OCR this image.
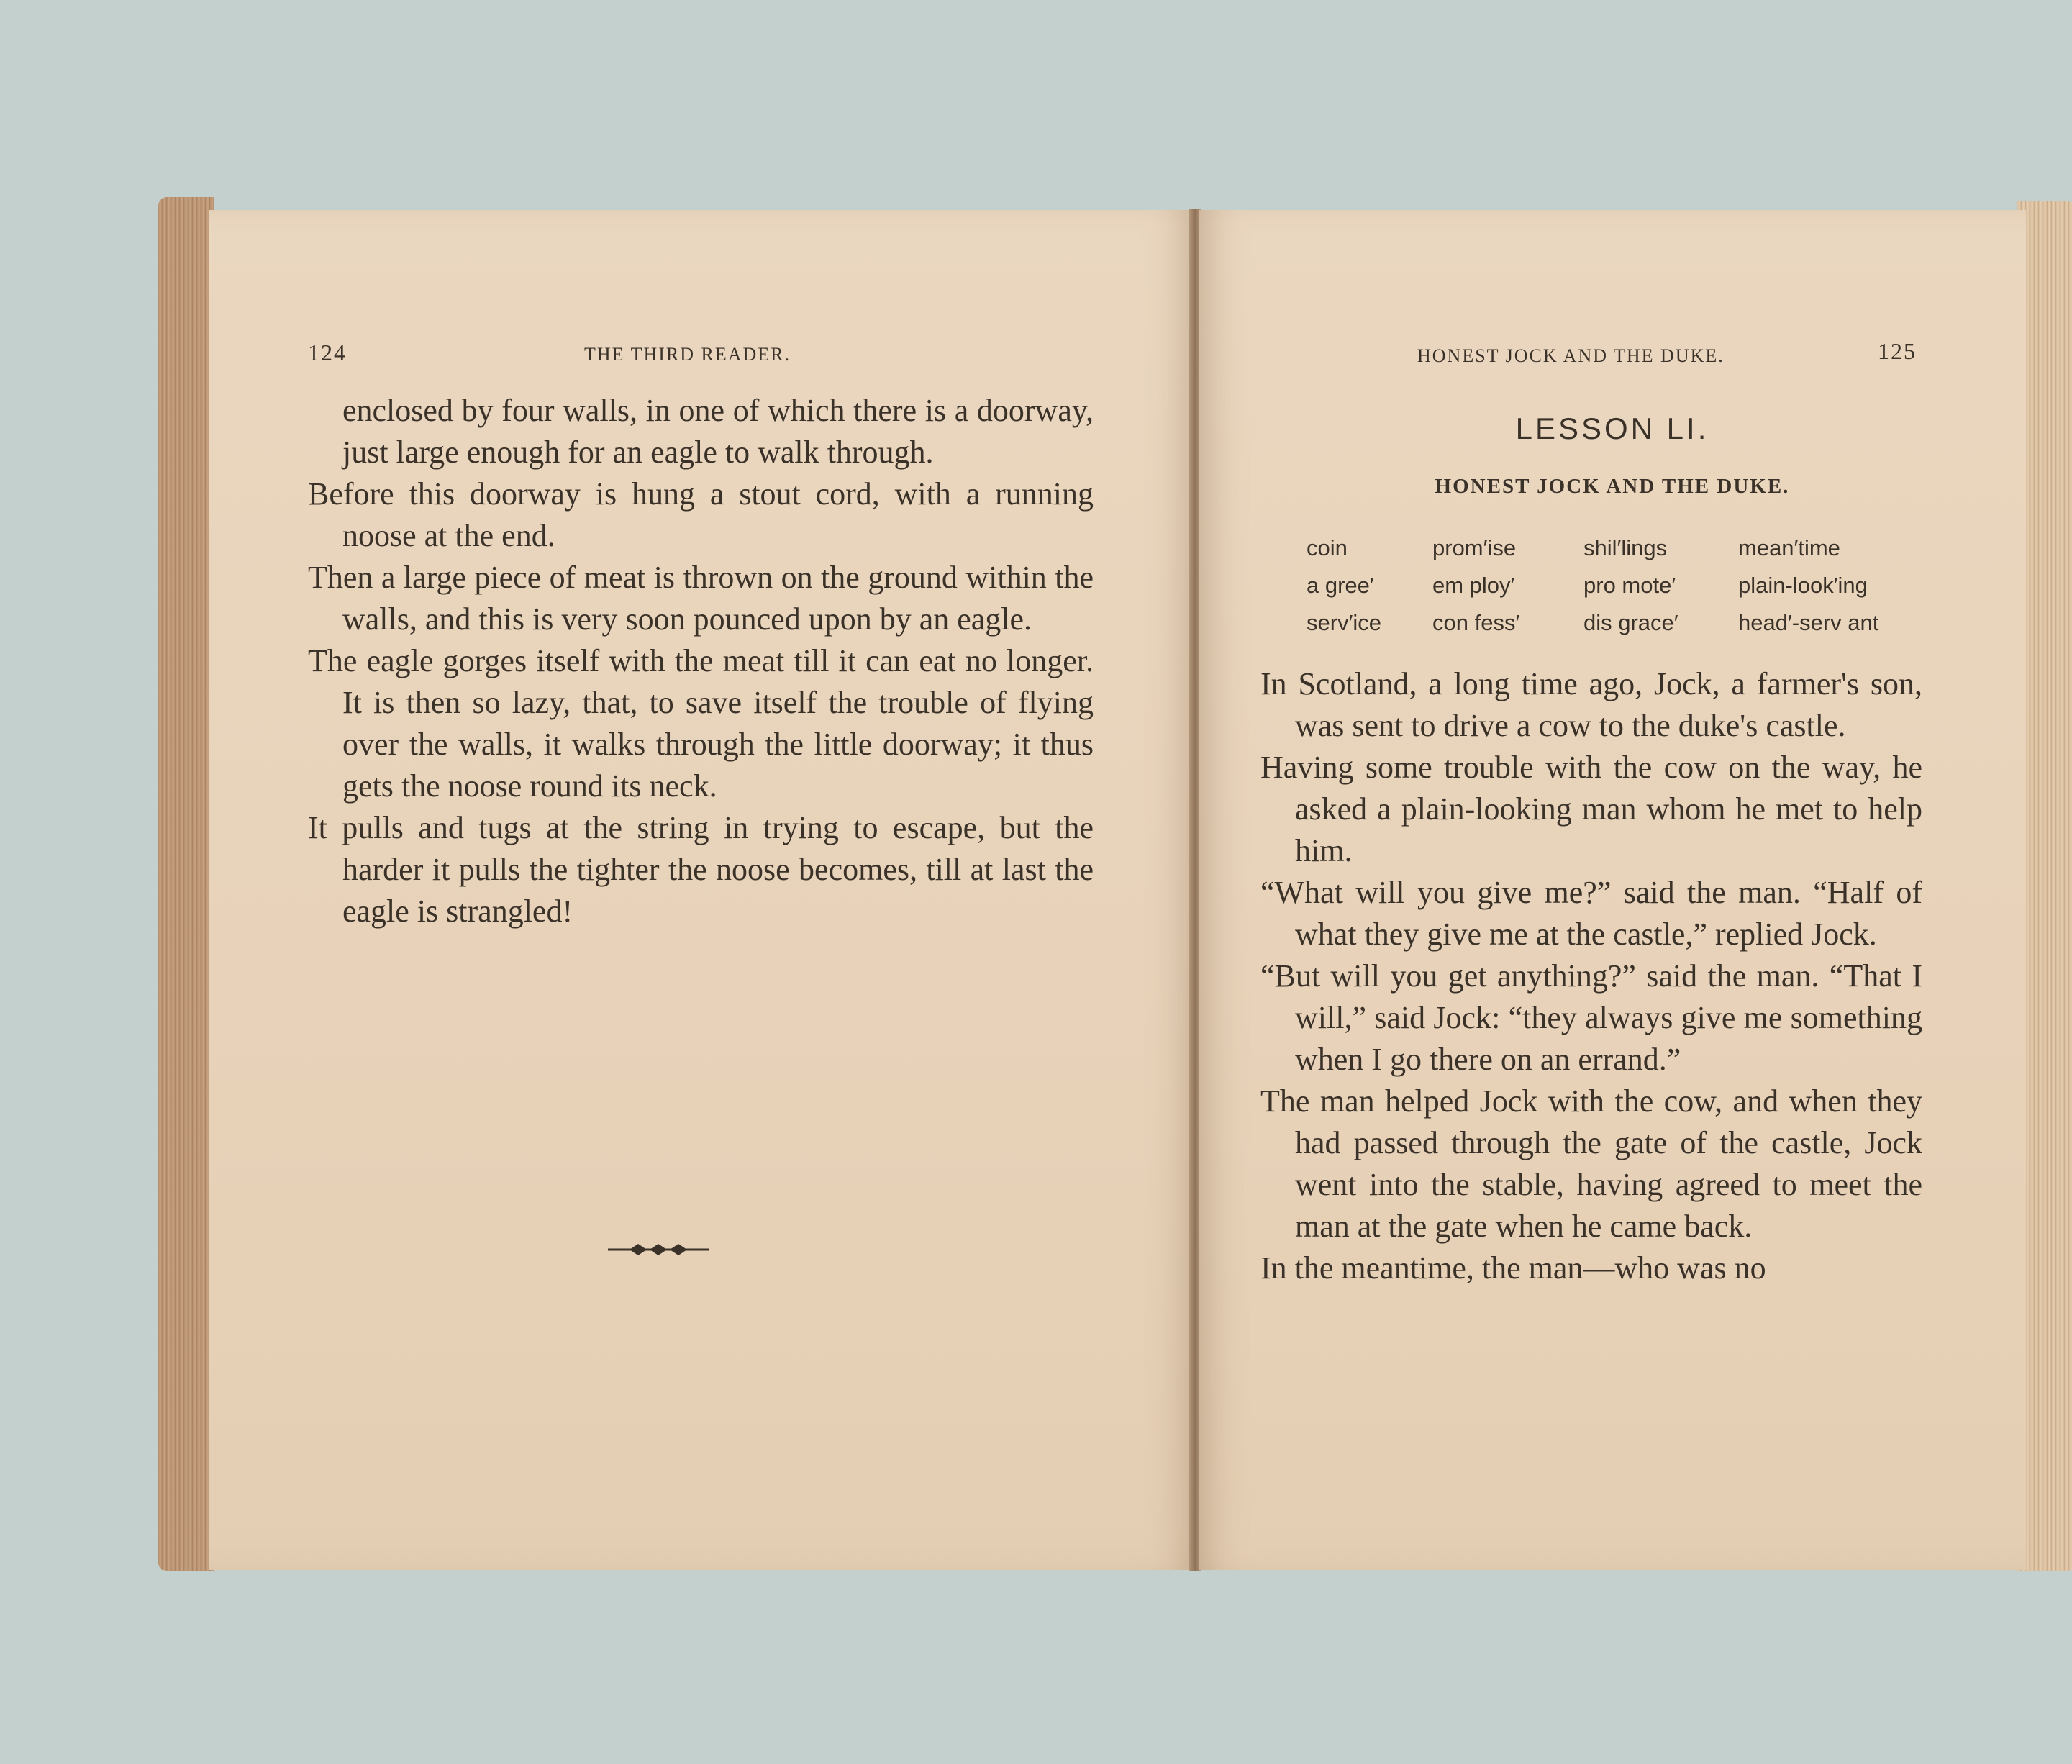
124	THE THIRD READER.

enclosed by four walls, in one of which there is a doorway, just large enough for an eagle to walk through.

Before this doorway is hung a stout cord, with a running noose at the end.

Then a large piece of meat is thrown on the ground within the walls, and this is very soon pounced upon by an eagle.

The eagle gorges itself with the meat till it can eat no longer. It is then so lazy, that, to save itself the trouble of flying over the walls, it walks through the little doorway; it thus gets the noose round its neck.

It pulls and tugs at the string in trying to escape, but the harder it pulls the tighter the noose becomes, till at last the eagle is strangled!

HONEST JOCK AND THE DUKE.	125
LESSON LI.
HONEST JOCK AND THE DUKE.
coin	prom′ise	shil′lings	mean′time
a gree′	em ploy′	pro mote′	plain-look′ing
serv′ice	con fess′	dis grace′	head′-serv ant

In Scotland, a long time ago, Jock, a farmer's son, was sent to drive a cow to the duke's castle.

Having some trouble with the cow on the way, he asked a plain-looking man whom he met to help him.

“What will you give me?” said the man. “Half of what they give me at the castle,” replied Jock.

“But will you get anything?” said the man. “That I will,” said Jock: “they always give me something when I go there on an errand.”

The man helped Jock with the cow, and when they had passed through the gate of the castle, Jock went into the stable, having agreed to meet the man at the gate when he came back.

In the meantime, the man—who was no
